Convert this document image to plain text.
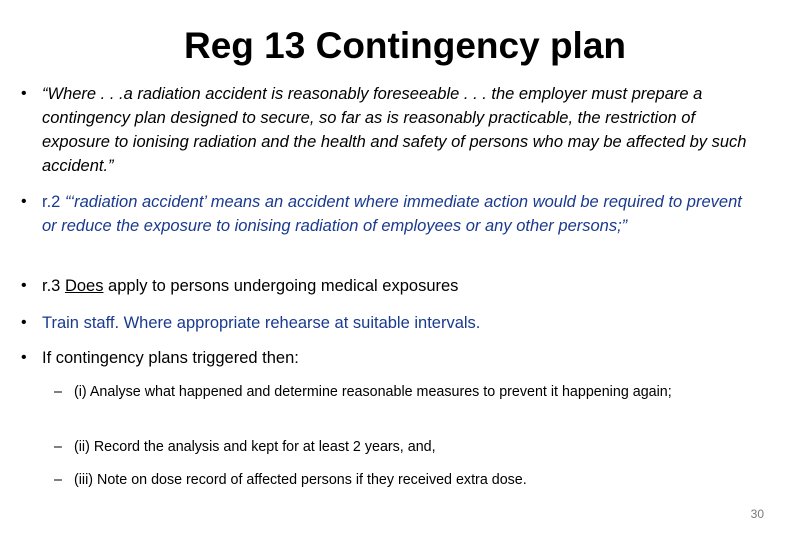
Reg 13 Contingency plan
• “Where . . .a radiation accident is reasonably foreseeable . . . the employer must prepare a contingency plan designed to secure, so far as is reasonably practicable, the restriction of exposure to ionising radiation and the health and safety of persons who may be affected by such accident.”
• r.2 “‘radiation accident’ means an accident where immediate action would be required to prevent or reduce the exposure to ionising radiation of employees or any other persons;”
• r.3 Does apply to persons undergoing medical exposures
• Train staff. Where appropriate rehearse at suitable intervals.
• If contingency plans triggered then:
– (i) Analyse what happened and determine reasonable measures to prevent it happening again;
– (ii) Record the analysis and kept for at least 2 years, and,
– (iii) Note on dose record of affected persons if they received extra dose.
30
